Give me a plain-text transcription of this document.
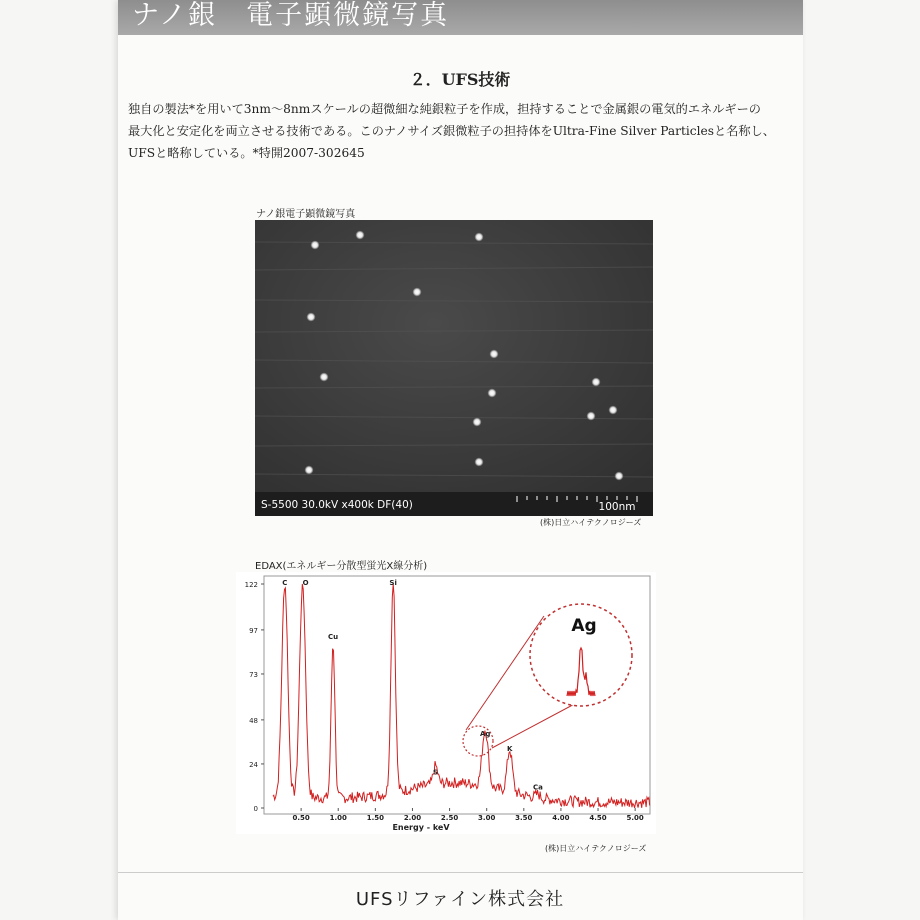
ナノ銀　電子顕微鏡写真
２．UFS技術
独自の製法*を用いて3nm～8nmスケールの超微細な純銀粒子を作成，担持することで金属銀の電気的エネルギーの
最大化と安定化を両立させる技術である。このナノサイズ銀微粒子の担持体をUltra-Fine Silver Particlesと名称し、
UFSと略称している。*特開2007-302645
ナノ銀電子顕微鏡写真
S-5500 30.0kV x400k DF(40)	100nm
(株)日立ハイテクノロジーズ
EDAX(エネルギー分散型蛍光X線分析)
0
24
48
73
97
122
0.50	1.00	1.50	2.00	2.50	3.00	3.50	4.00	4.50	5.00
C O
Cu
Si
S
Ag
K
Ca
Energy - keV
Ag
(株)日立ハイテクノロジーズ
UFSリファイン株式会社
